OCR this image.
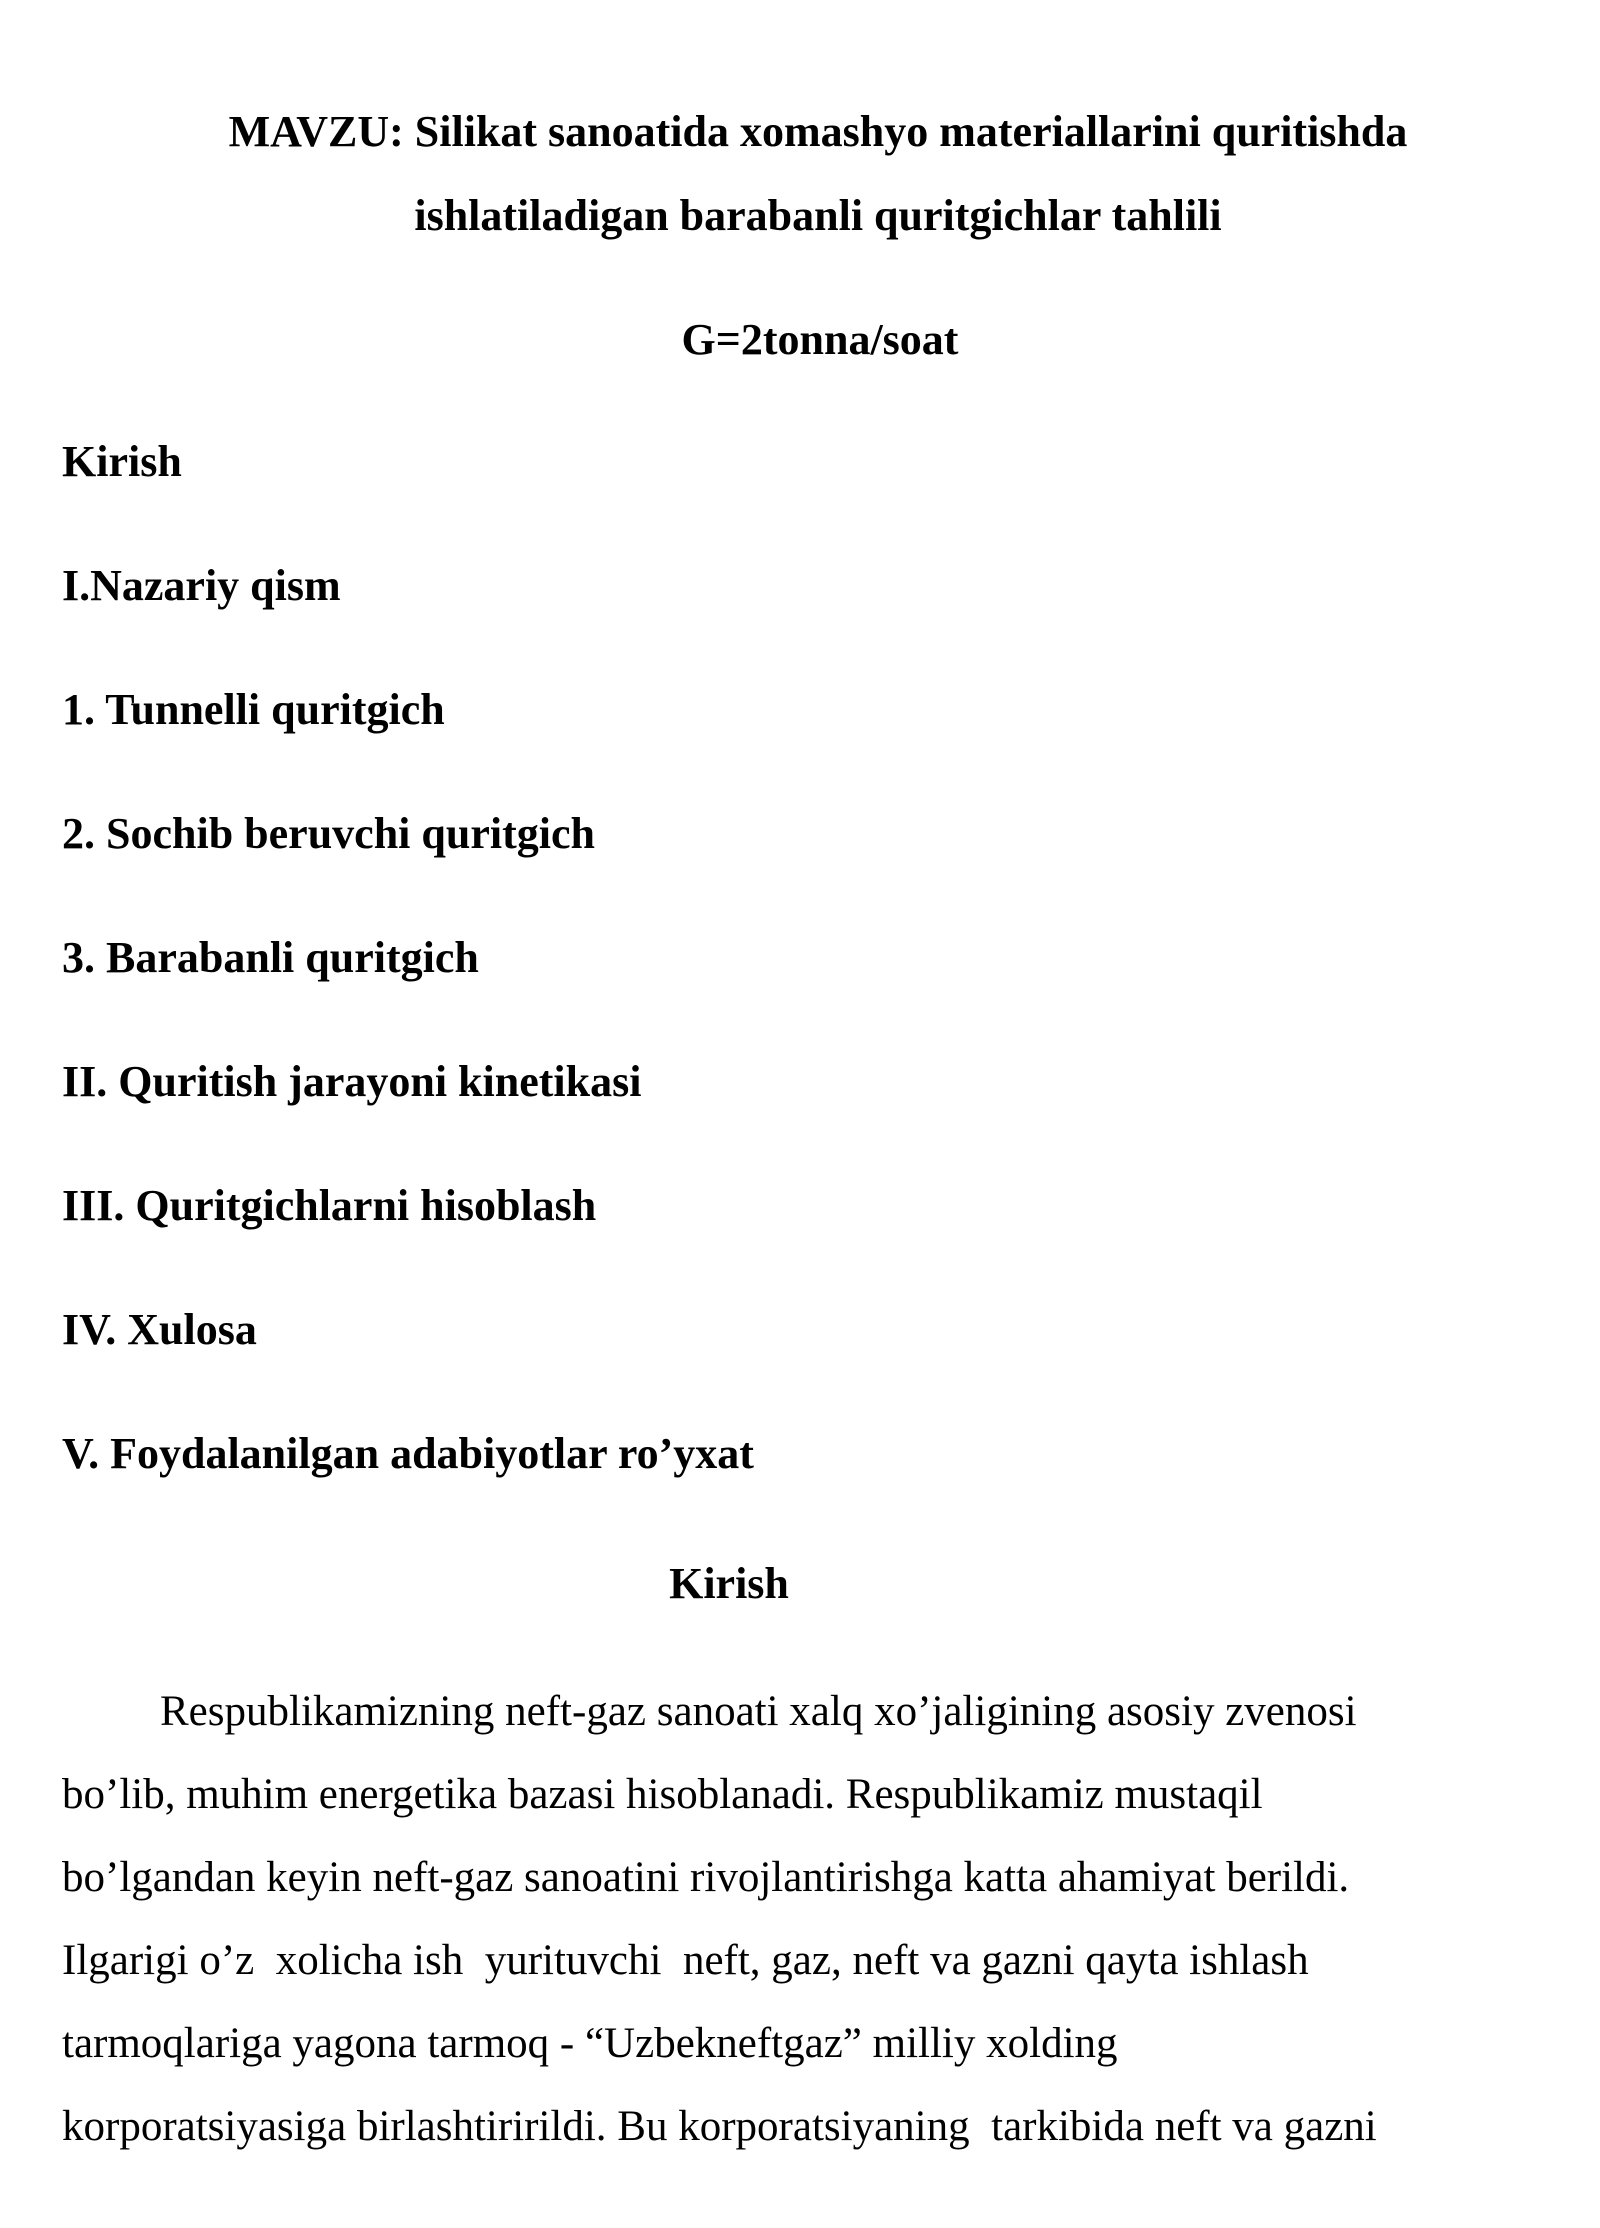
MAVZU: Silikat sanoatida xomashyo materiallarini quritishda
ishlatiladigan barabanli quritgichlar tahlili
G=2tonna/soat
Kirish
I.Nazariy qism
1. Tunnelli quritgich
2. Sochib beruvchi quritgich
3. Barabanli quritgich
II. Quritish jarayoni kinetikasi
III. Quritgichlarni hisoblash
IV. Xulosa
V. Foydalanilgan adabiyotlar ro’yxat
Kirish
Respublikamizning neft-gaz sanoati xalq xo’jaligining asosiy zvenosi
bo’lib, muhim energetika bazasi hisoblanadi. Respublikamiz mustaqil
bo’lgandan keyin neft-gaz sanoatini rivojlantirishga katta ahamiyat berildi.
Ilgarigi o’z  xolicha ish  yurituvchi  neft, gaz, neft va gazni qayta ishlash
tarmoqlariga yagona tarmoq - “Uzbekneftgaz” milliy xolding
korporatsiyasiga birlashtiririldi. Bu korporatsiyaning  tarkibida neft va gazni
